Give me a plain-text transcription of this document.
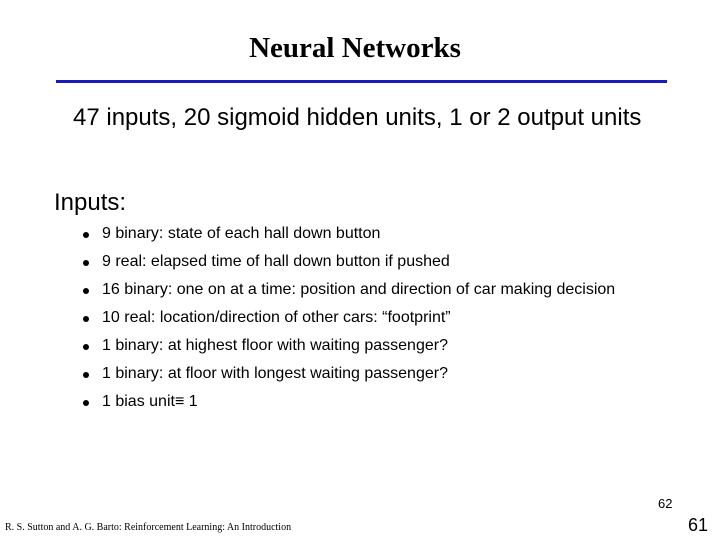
Neural Networks
47 inputs, 20 sigmoid hidden units, 1 or 2 output units
Inputs:
9 binary: state of each hall down button
9 real: elapsed time of hall down button if pushed
16 binary: one on at a time: position and direction of car making decision
10 real: location/direction of other cars: “footprint”
1 binary: at highest floor with waiting passenger?
1 binary: at floor with longest waiting passenger?
1 bias unit≡ 1
62
R. S. Sutton and A. G. Barto: Reinforcement Learning: An Introduction	61
